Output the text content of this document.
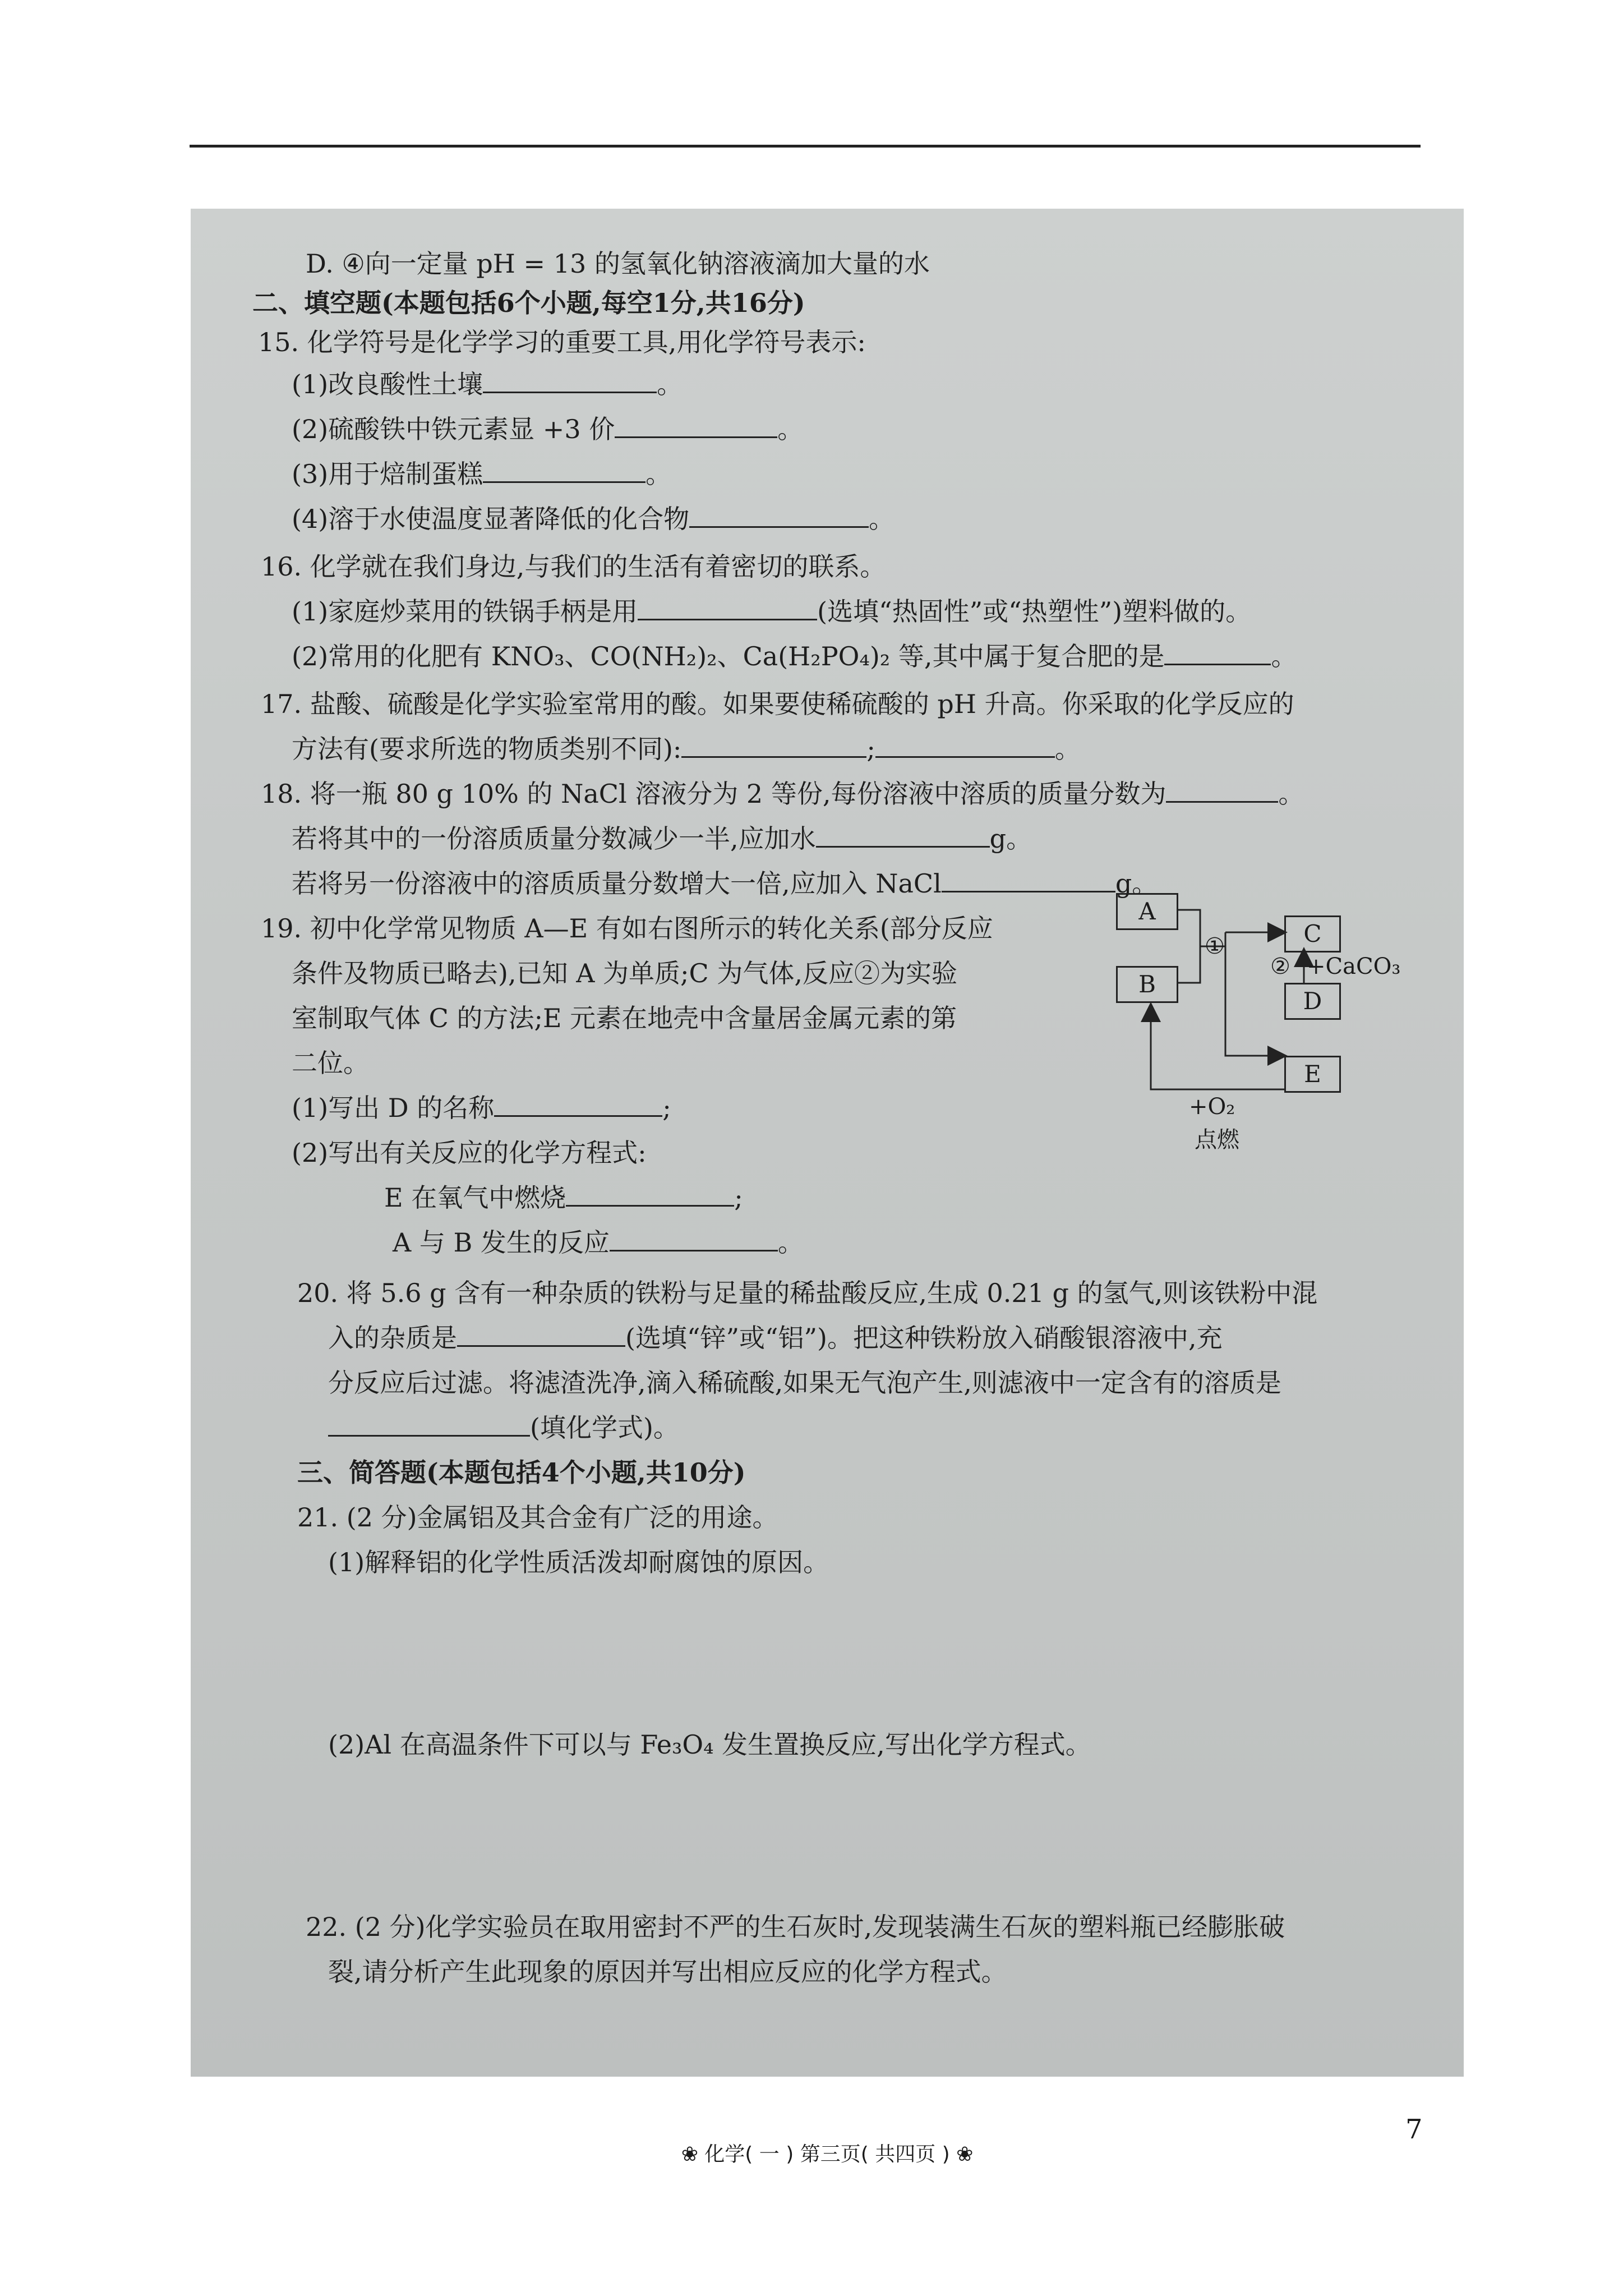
D. ④向一定量 pH = 13 的氢氧化钠溶液滴加大量的水
二、填空题(本题包括6个小题,每空1分,共16分)
15. 化学符号是化学学习的重要工具,用化学符号表示:
(1)改良酸性土壤	。
(2)硫酸铁中铁元素显 +3 价	。
(3)用于焙制蛋糕	。
(4)溶于水使温度显著降低的化合物	。
16. 化学就在我们身边,与我们的生活有着密切的联系。
(1)家庭炒菜用的铁锅手柄是用	(选填“热固性”或“热塑性”)塑料做的。
(2)常用的化肥有 KNO₃、CO(NH₂)₂、Ca(H₂PO₄)₂ 等,其中属于复合肥的是	。
17. 盐酸、硫酸是化学实验室常用的酸。如果要使稀硫酸的 pH 升高。你采取的化学反应的
方法有(要求所选的物质类别不同):	;	。
18. 将一瓶 80 g 10% 的 NaCl 溶液分为 2 等份,每份溶液中溶质的质量分数为	。
若将其中的一份溶质质量分数减少一半,应加水	g。
若将另一份溶液中的溶质质量分数增大一倍,应加入 NaCl	g。
19. 初中化学常见物质 A—E 有如右图所示的转化关系(部分反应
条件及物质已略去),已知 A 为单质;C 为气体,反应②为实验
室制取气体 C 的方法;E 元素在地壳中含量居金属元素的第
二位。
(1)写出 D 的名称	;
(2)写出有关反应的化学方程式:
E 在氧气中燃烧	;
A 与 B 发生的反应	。
A
B
C
D
E
①
② +CaCO₃
+O₂
点燃
20. 将 5.6 g 含有一种杂质的铁粉与足量的稀盐酸反应,生成 0.21 g 的氢气,则该铁粉中混
入的杂质是	(选填“锌”或“铝”)。把这种铁粉放入硝酸银溶液中,充
分反应后过滤。将滤渣洗净,滴入稀硫酸,如果无气泡产生,则滤液中一定含有的溶质是
(填化学式)。
三、简答题(本题包括4个小题,共10分)
21. (2 分)金属铝及其合金有广泛的用途。
(1)解释铝的化学性质活泼却耐腐蚀的原因。
(2)Al 在高温条件下可以与 Fe₃O₄ 发生置换反应,写出化学方程式。
22. (2 分)化学实验员在取用密封不严的生石灰时,发现装满生石灰的塑料瓶已经膨胀破
裂,请分析产生此现象的原因并写出相应反应的化学方程式。
❀ 化学( 一 ) 第三页( 共四页 ) ❀
7
